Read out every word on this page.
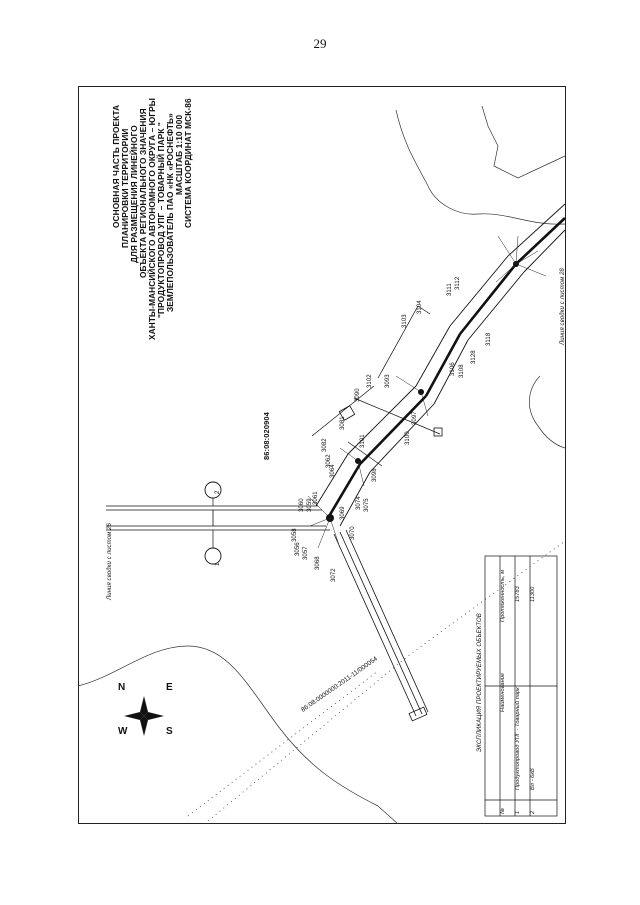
29
ОСНОВНАЯ ЧАСТЬ ПРОЕКТА ПЛАНИРОВКИ ТЕРРИТОРИИ ДЛЯ РАЗМЕЩЕНИЯ ЛИНЕЙНОГО ОБЪЕКТА РЕГИОНАЛЬНОГО ЗНАЧЕНИЯ ХАНТЫ-МАНСИЙСКОГО АВТОНОМНОГО ОКРУГА – ЮГРЫ "ПРОДУКТОПРОВОД УПГ – ТОВАРНЫЙ ПАРК " ЗЕМЛЕПОЛЬЗОВАТЕЛЬ ПАО «НК «РОСНЕФТЬ» МАСШТАБ 1:10 000 СИСТЕМА КООРДИНАТ МСК-86
86:08:020904
Линия сводки с листом 26
Линия сводки с листом 28
1
2
86:08:0000000:2011-11/000054
N	E
W	S
3056 3057
3058
3059
3060
3061
3062
3064
3068
3069
3070
3072
3074 3075
3081
3082
3090
3093
3097
3098
3100
3101
3102
3103
3104
3106 3108
3111 3112
3118
3128
ЭКСПЛИКАЦИЯ ПРОЕКТИРУЕМЫХ ОБЪЕКТОВ
№
Наименование
Протяженность, м
1
Продуктопровод УПГ - Товарный парк
15783
2
Вл - 6кВ
11300
